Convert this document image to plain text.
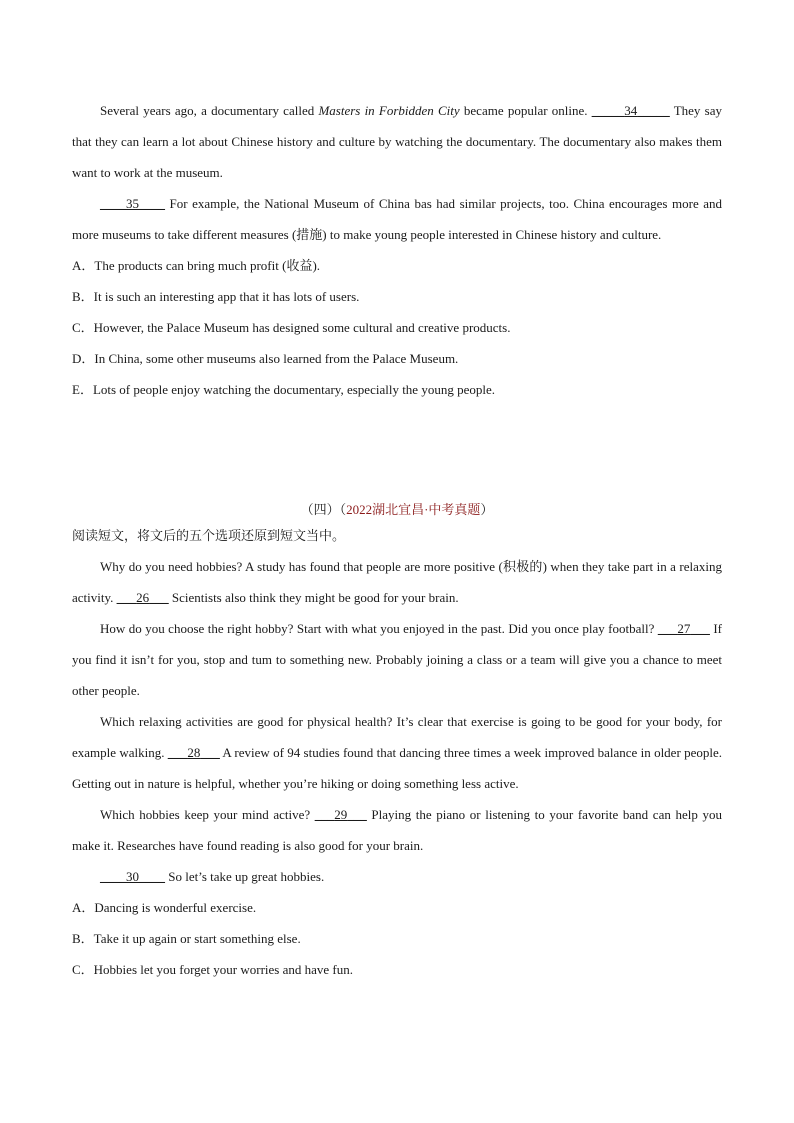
Several years ago, a documentary called Masters in Forbidden City became popular online. _____34_____ They say that they can learn a lot about Chinese history and culture by watching the documentary. The documentary also makes them want to work at the museum.

____35____ For example, the National Museum of China bas had similar projects, too. China encourages more and more museums to take different measures (措施) to make young people interested in Chinese history and culture.

A．The products can bring much profit (收益).

B．It is such an interesting app that it has lots of users.

C．However, the Palace Museum has designed some cultural and creative products.

D．In China, some other museums also learned from the Palace Museum.

E．Lots of people enjoy watching the documentary, especially the young people.

（四）（2022湖北宜昌·中考真题）

阅读短文，将文后的五个选项还原到短文当中。

Why do you need hobbies? A study has found that people are more positive (积极的) when they take part in a relaxing activity. ___26___ Scientists also think they might be good for your brain.

How do you choose the right hobby? Start with what you enjoyed in the past. Did you once play football? ___27___ If you find it isn’t for you, stop and tum to something new. Probably joining a class or a team will give you a chance to meet other people.

Which relaxing activities are good for physical health? It’s clear that exercise is going to be good for your body, for example walking. ___28___ A review of 94 studies found that dancing three times a week improved balance in older people. Getting out in nature is helpful, whether you’re hiking or doing something less active.

Which hobbies keep your mind active? ___29___ Playing the piano or listening to your favorite band can help you make it. Researches have found reading is also good for your brain.

____30____ So let’s take up great hobbies.

A．Dancing is wonderful exercise.

B．Take it up again or start something else.

C．Hobbies let you forget your worries and have fun.
